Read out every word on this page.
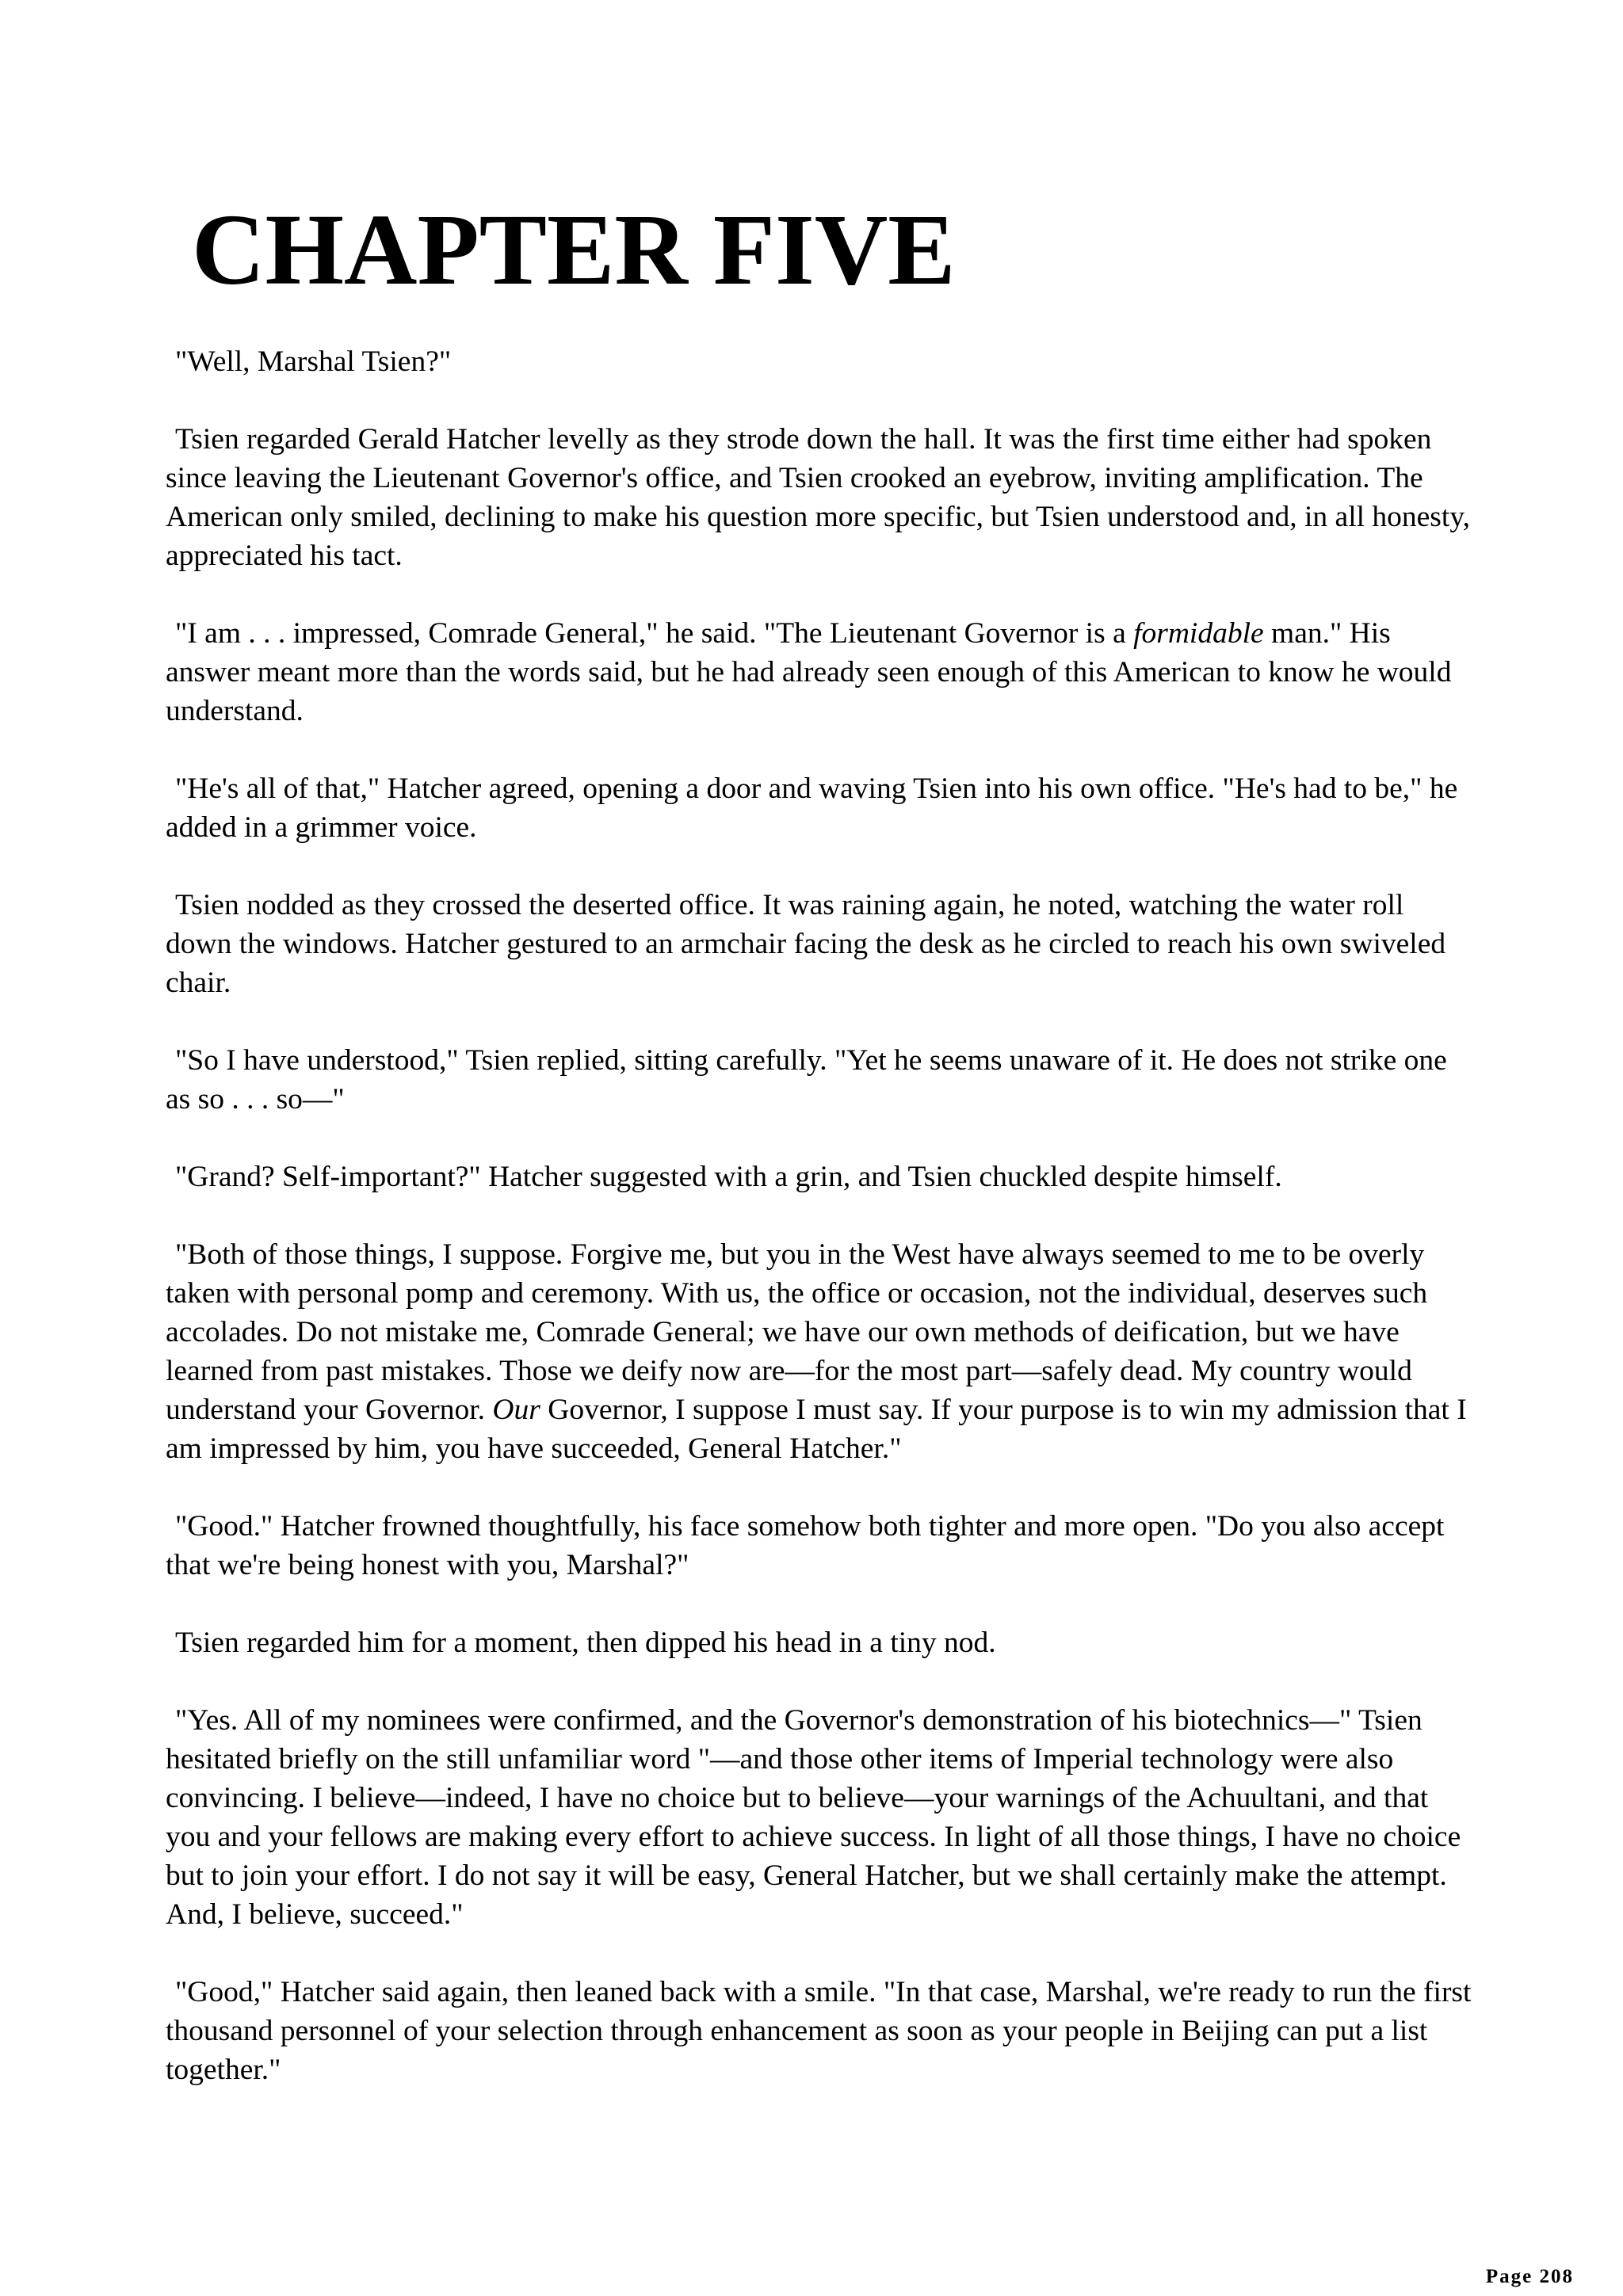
CHAPTER FIVE

"Well, Marshal Tsien?"

Tsien regarded Gerald Hatcher levelly as they strode down the hall. It was the first time either had spoken since leaving the Lieutenant Governor's office, and Tsien crooked an eyebrow, inviting amplification. The American only smiled, declining to make his question more specific, but Tsien understood and, in all honesty, appreciated his tact.

"I am . . . impressed, Comrade General," he said. "The Lieutenant Governor is a formidable man." His answer meant more than the words said, but he had already seen enough of this American to know he would understand.

"He's all of that," Hatcher agreed, opening a door and waving Tsien into his own office. "He's had to be," he added in a grimmer voice.

Tsien nodded as they crossed the deserted office. It was raining again, he noted, watching the water roll down the windows. Hatcher gestured to an armchair facing the desk as he circled to reach his own swiveled chair.

"So I have understood," Tsien replied, sitting carefully. "Yet he seems unaware of it. He does not strike one as so . . . so—"

"Grand? Self-important?" Hatcher suggested with a grin, and Tsien chuckled despite himself.

"Both of those things, I suppose. Forgive me, but you in the West have always seemed to me to be overly taken with personal pomp and ceremony. With us, the office or occasion, not the individual, deserves such accolades. Do not mistake me, Comrade General; we have our own methods of deification, but we have learned from past mistakes. Those we deify now are—for the most part—safely dead. My country would understand your Governor. Our Governor, I suppose I must say. If your purpose is to win my admission that I am impressed by him, you have succeeded, General Hatcher."

"Good." Hatcher frowned thoughtfully, his face somehow both tighter and more open. "Do you also accept that we're being honest with you, Marshal?"

Tsien regarded him for a moment, then dipped his head in a tiny nod.

"Yes. All of my nominees were confirmed, and the Governor's demonstration of his biotechnics—" Tsien hesitated briefly on the still unfamiliar word "—and those other items of Imperial technology were also convincing. I believe—indeed, I have no choice but to believe—your warnings of the Achuultani, and that you and your fellows are making every effort to achieve success. In light of all those things, I have no choice but to join your effort. I do not say it will be easy, General Hatcher, but we shall certainly make the attempt. And, I believe, succeed."

"Good," Hatcher said again, then leaned back with a smile. "In that case, Marshal, we're ready to run the first thousand personnel of your selection through enhancement as soon as your people in Beijing can put a list together."

Page 208
